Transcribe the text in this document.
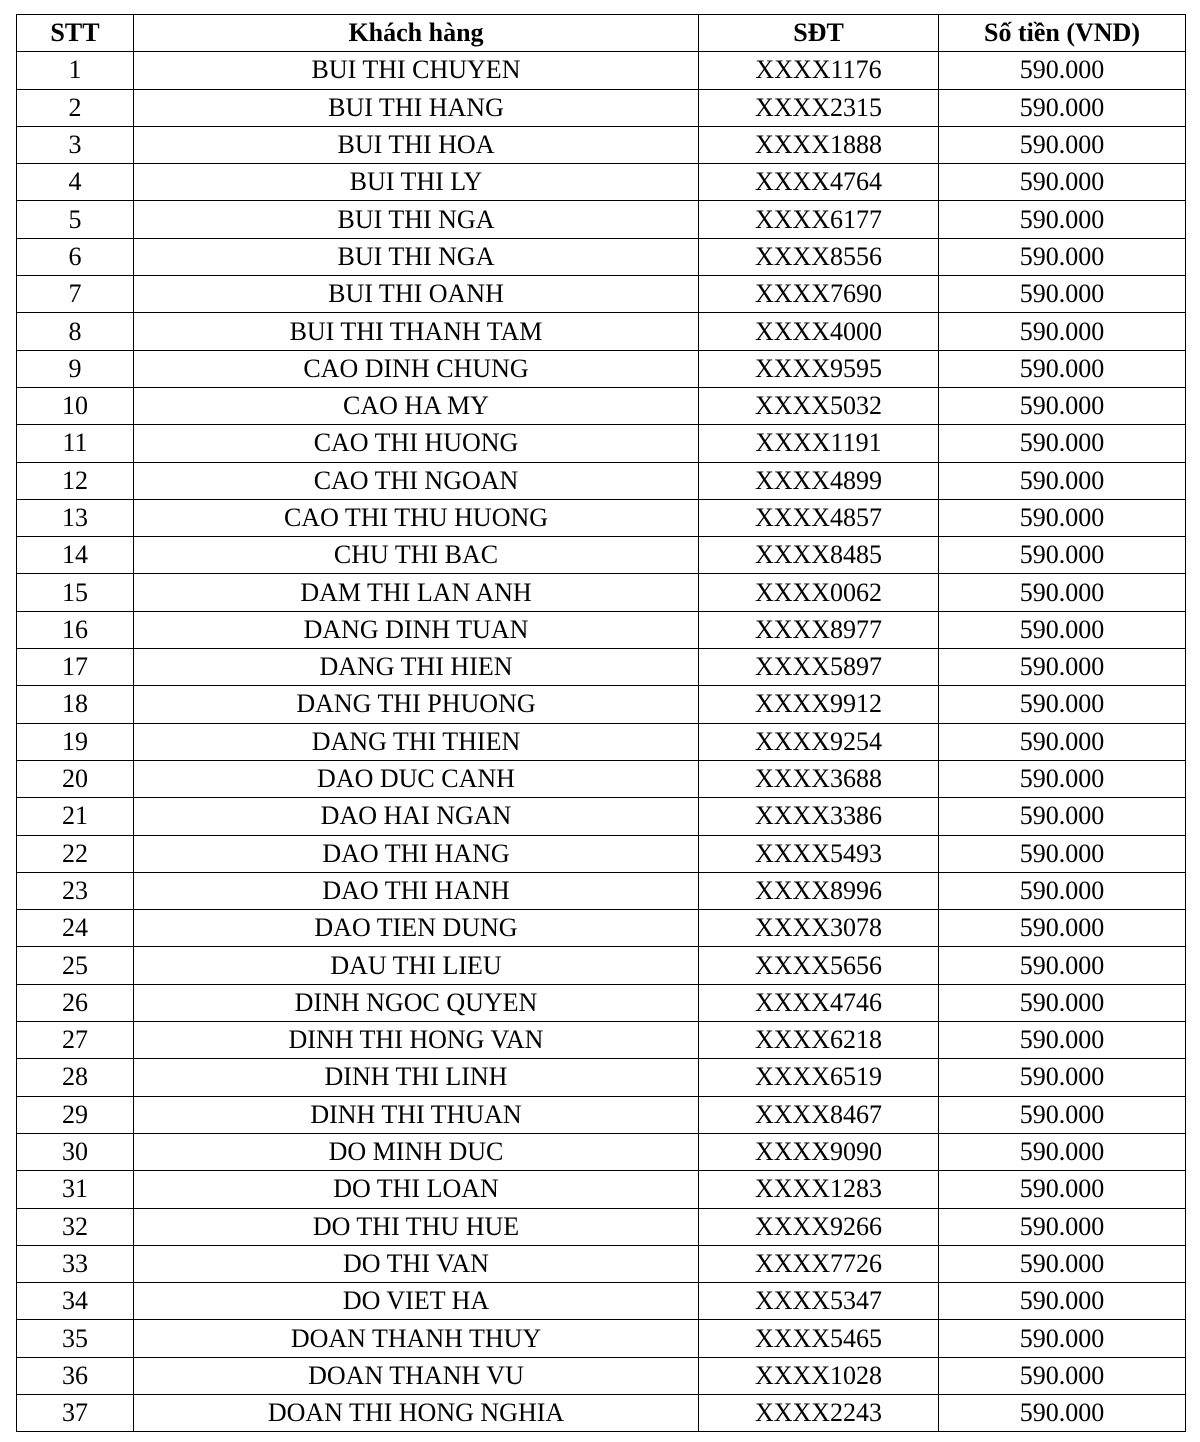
STT	Khách hàng	SĐT	Số tiền (VND)
1	BUI THI CHUYEN	XXXX1176	590.000
2	BUI THI HANG	XXXX2315	590.000
3	BUI THI HOA	XXXX1888	590.000
4	BUI THI LY	XXXX4764	590.000
5	BUI THI NGA	XXXX6177	590.000
6	BUI THI NGA	XXXX8556	590.000
7	BUI THI OANH	XXXX7690	590.000
8	BUI THI THANH TAM	XXXX4000	590.000
9	CAO DINH CHUNG	XXXX9595	590.000
10	CAO HA MY	XXXX5032	590.000
11	CAO THI HUONG	XXXX1191	590.000
12	CAO THI NGOAN	XXXX4899	590.000
13	CAO THI THU HUONG	XXXX4857	590.000
14	CHU THI BAC	XXXX8485	590.000
15	DAM THI LAN ANH	XXXX0062	590.000
16	DANG DINH TUAN	XXXX8977	590.000
17	DANG THI HIEN	XXXX5897	590.000
18	DANG THI PHUONG	XXXX9912	590.000
19	DANG THI THIEN	XXXX9254	590.000
20	DAO DUC CANH	XXXX3688	590.000
21	DAO HAI NGAN	XXXX3386	590.000
22	DAO THI HANG	XXXX5493	590.000
23	DAO THI HANH	XXXX8996	590.000
24	DAO TIEN DUNG	XXXX3078	590.000
25	DAU THI LIEU	XXXX5656	590.000
26	DINH NGOC QUYEN	XXXX4746	590.000
27	DINH THI HONG VAN	XXXX6218	590.000
28	DINH THI LINH	XXXX6519	590.000
29	DINH THI THUAN	XXXX8467	590.000
30	DO MINH DUC	XXXX9090	590.000
31	DO THI LOAN	XXXX1283	590.000
32	DO THI THU HUE	XXXX9266	590.000
33	DO THI VAN	XXXX7726	590.000
34	DO VIET HA	XXXX5347	590.000
35	DOAN THANH THUY	XXXX5465	590.000
36	DOAN THANH VU	XXXX1028	590.000
37	DOAN THI HONG NGHIA	XXXX2243	590.000
